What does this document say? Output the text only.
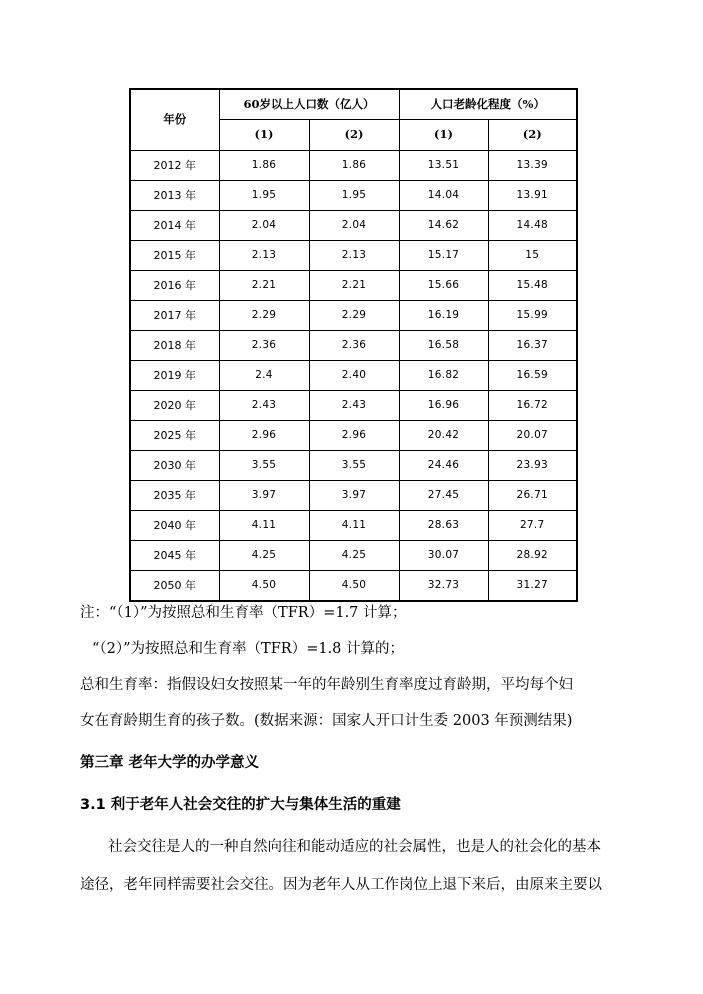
年份	60岁以上人口数（亿人）		人口老龄化程度（%）	
	(1)	(2)	(1)	(2)
2012 年	1.86	1.86	13.51	13.39
2013 年	1.95	1.95	14.04	13.91
2014 年	2.04	2.04	14.62	14.48
2015 年	2.13	2.13	15.17	15
2016 年	2.21	2.21	15.66	15.48
2017 年	2.29	2.29	16.19	15.99
2018 年	2.36	2.36	16.58	16.37
2019 年	2.4	2.40	16.82	16.59
2020 年	2.43	2.43	16.96	16.72
2025 年	2.96	2.96	20.42	20.07
2030 年	3.55	3.55	24.46	23.93
2035 年	3.97	3.97	27.45	26.71
2040 年	4.11	4.11	28.63	27.7
2045 年	4.25	4.25	30.07	28.92
2050 年	4.50	4.50	32.73	31.27

注：“（1）”为按照总和生育率（TFR）=1.7 计算；

“（2）”为按照总和生育率（TFR）=1.8 计算的；

总和生育率：指假设妇女按照某一年的年龄别生育率度过育龄期，平均每个妇

女在育龄期生育的孩子数。(数据来源：国家人开口计生委 2003 年预测结果)

第三章 老年大学的办学意义

3.1 利于老年人社会交往的扩大与集体生活的重建

社会交往是人的一种自然向往和能动适应的社会属性，也是人的社会化的基本

途径，老年同样需要社会交往。因为老年人从工作岗位上退下来后，由原来主要以
